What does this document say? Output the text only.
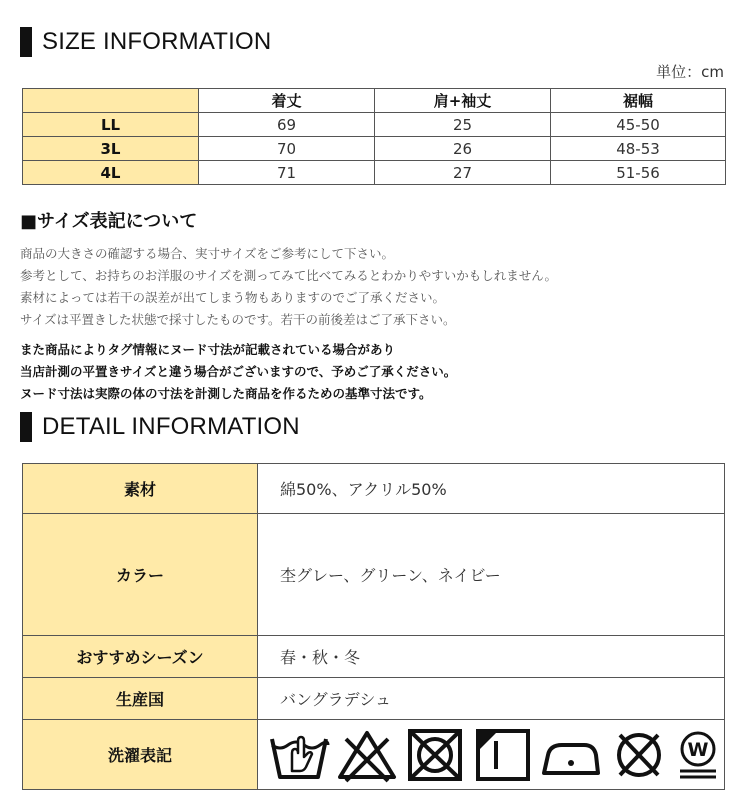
SIZE INFORMATION
単位：cm
	着丈	肩+袖丈	裾幅
LL	69	25	45-50
3L	70	26	48-53
4L	71	27	51-56
■サイズ表記について
商品の大きさの確認する場合、実寸サイズをご参考にして下さい。
参考として、お持ちのお洋服のサイズを測ってみて比べてみるとわかりやすいかもしれません。
素材によっては若干の誤差が出てしまう物もありますのでご了承ください。
サイズは平置きした状態で採寸したものです。若干の前後差はご了承下さい。
また商品によりタグ情報にヌード寸法が記載されている場合があり
当店計測の平置きサイズと違う場合がございますので、予めご了承ください。
ヌード寸法は実際の体の寸法を計測した商品を作るための基準寸法です。
DETAIL INFORMATION
素材	綿50%、アクリル50%
カラー	杢グレー、グリーン、ネイビー
おすすめシーズン	春・秋・冬
生産国	バングラデシュ
洗濯表記	W
